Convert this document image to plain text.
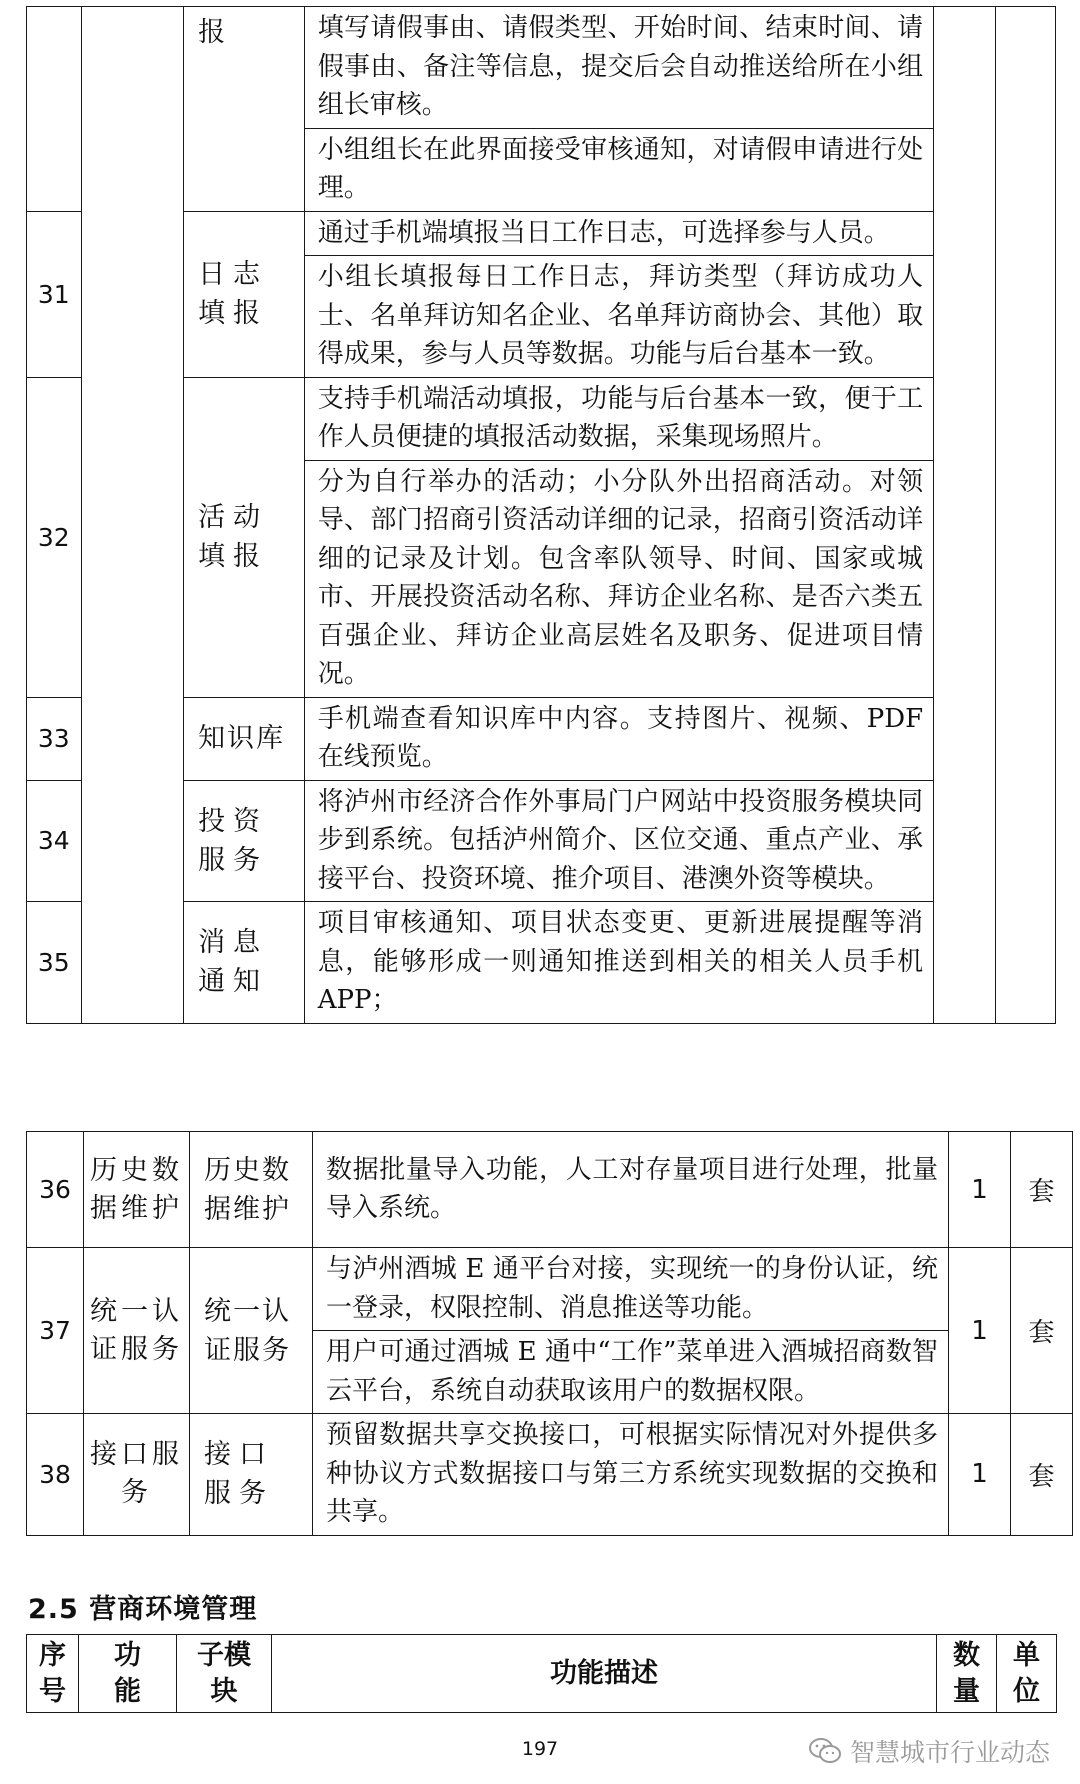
		报	填写请假事由、请假类型、开始时间、结束时间、请假事由、备注等信息，提交后会自动推送给所在小组组长审核。		
			小组组长在此界面接受审核通知，对请假申请进行处理。		
31		日志填报	通过手机端填报当日工作日志，可选择参与人员。		
			小组长填报每日工作日志，拜访类型（拜访成功人士、名单拜访知名企业、名单拜访商协会、其他）取得成果，参与人员等数据。功能与后台基本一致。		
32		活动填报	支持手机端活动填报，功能与后台基本一致，便于工作人员便捷的填报活动数据，采集现场照片。		
			分为自行举办的活动；小分队外出招商活动。对领导、部门招商引资活动详细的记录，招商引资活动详细的记录及计划。包含率队领导、时间、国家或城市、开展投资活动名称、拜访企业名称、是否六类五百强企业、拜访企业高层姓名及职务、促进项目情况。		
33		知识库	手机端查看知识库中内容。支持图片、视频、PDF 在线预览。		
34		投资服务	将泸州市经济合作外事局门户网站中投资服务模块同步到系统。包括泸州简介、区位交通、重点产业、承接平台、投资环境、推介项目、港澳外资等模块。		
35		消息通知	项目审核通知、项目状态变更、更新进展提醒等消息，能够形成一则通知推送到相关的相关人员手机 APP；		
36	历史数据维护	历史数据维护	数据批量导入功能，人工对存量项目进行处理，批量导入系统。	1	套
37	统一认证服务	统一认证服务	与泸州酒城 E 通平台对接，实现统一的身份认证，统一登录，权限控制、消息推送等功能。	1	套
			用户可通过酒城 E 通中“工作”菜单进入酒城招商数智云平台，系统自动获取该用户的数据权限。		
38	接口服务	接口服务	预留数据共享交换接口，可根据实际情况对外提供多种协议方式数据接口与第三方系统实现数据的交换和共享。	1	套
2.5 营商环境管理
序号	功能	子模块	功能描述	数量	单位

197	智慧城市行业动态
